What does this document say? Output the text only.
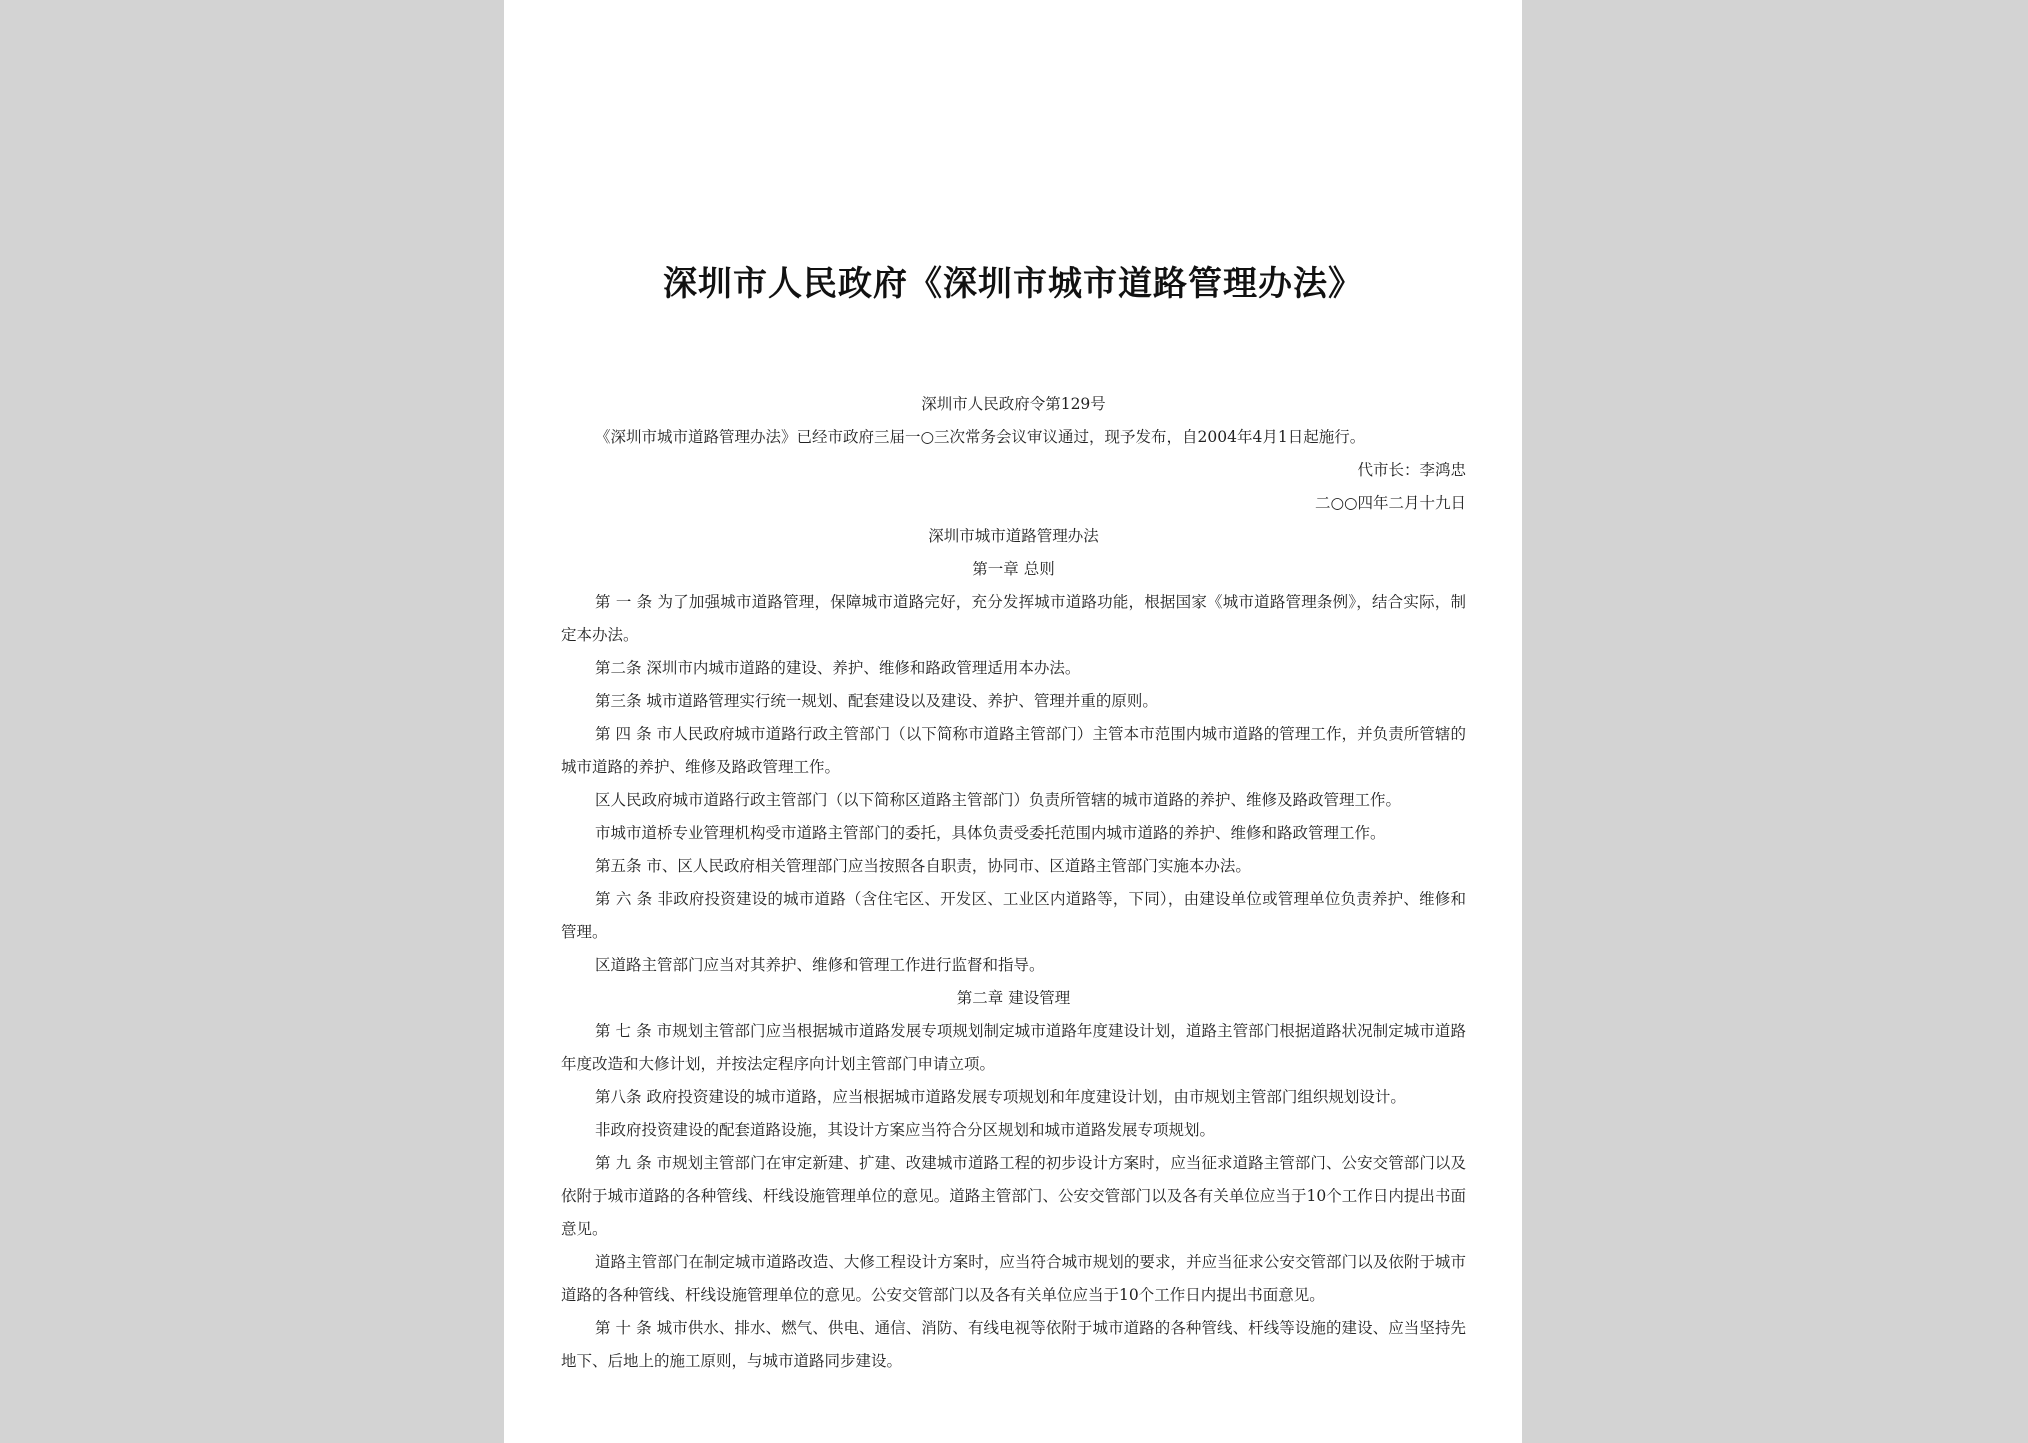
深圳市人民政府《深圳市城市道路管理办法》
深圳市人民政府令第129号
《深圳市城市道路管理办法》已经市政府三届一○三次常务会议审议通过，现予发布，自2004年4月1日起施行。
代市长：李鸿忠
二○○四年二月十九日
深圳市城市道路管理办法
第一章 总则
第 一 条 为了加强城市道路管理，保障城市道路完好，充分发挥城市道路功能，根据国家《城市道路管理条例》，结合实际，制定本办法。
第二条 深圳市内城市道路的建设、养护、维修和路政管理适用本办法。
第三条 城市道路管理实行统一规划、配套建设以及建设、养护、管理并重的原则。
第 四 条 市人民政府城市道路行政主管部门（以下简称市道路主管部门）主管本市范围内城市道路的管理工作，并负责所管辖的城市道路的养护、维修及路政管理工作。
区人民政府城市道路行政主管部门（以下简称区道路主管部门）负责所管辖的城市道路的养护、维修及路政管理工作。
市城市道桥专业管理机构受市道路主管部门的委托，具体负责受委托范围内城市道路的养护、维修和路政管理工作。
第五条 市、区人民政府相关管理部门应当按照各自职责，协同市、区道路主管部门实施本办法。
第 六 条 非政府投资建设的城市道路（含住宅区、开发区、工业区内道路等，下同），由建设单位或管理单位负责养护、维修和管理。
区道路主管部门应当对其养护、维修和管理工作进行监督和指导。
第二章 建设管理
第 七 条 市规划主管部门应当根据城市道路发展专项规划制定城市道路年度建设计划，道路主管部门根据道路状况制定城市道路年度改造和大修计划，并按法定程序向计划主管部门申请立项。
第八条 政府投资建设的城市道路，应当根据城市道路发展专项规划和年度建设计划，由市规划主管部门组织规划设计。
非政府投资建设的配套道路设施，其设计方案应当符合分区规划和城市道路发展专项规划。
第 九 条 市规划主管部门在审定新建、扩建、改建城市道路工程的初步设计方案时，应当征求道路主管部门、公安交管部门以及依附于城市道路的各种管线、杆线设施管理单位的意见。道路主管部门、公安交管部门以及各有关单位应当于10个工作日内提出书面意见。
道路主管部门在制定城市道路改造、大修工程设计方案时，应当符合城市规划的要求，并应当征求公安交管部门以及依附于城市道路的各种管线、杆线设施管理单位的意见。公安交管部门以及各有关单位应当于10个工作日内提出书面意见。
第 十 条 城市供水、排水、燃气、供电、通信、消防、有线电视等依附于城市道路的各种管线、杆线等设施的建设、应当坚持先地下、后地上的施工原则，与城市道路同步建设。
